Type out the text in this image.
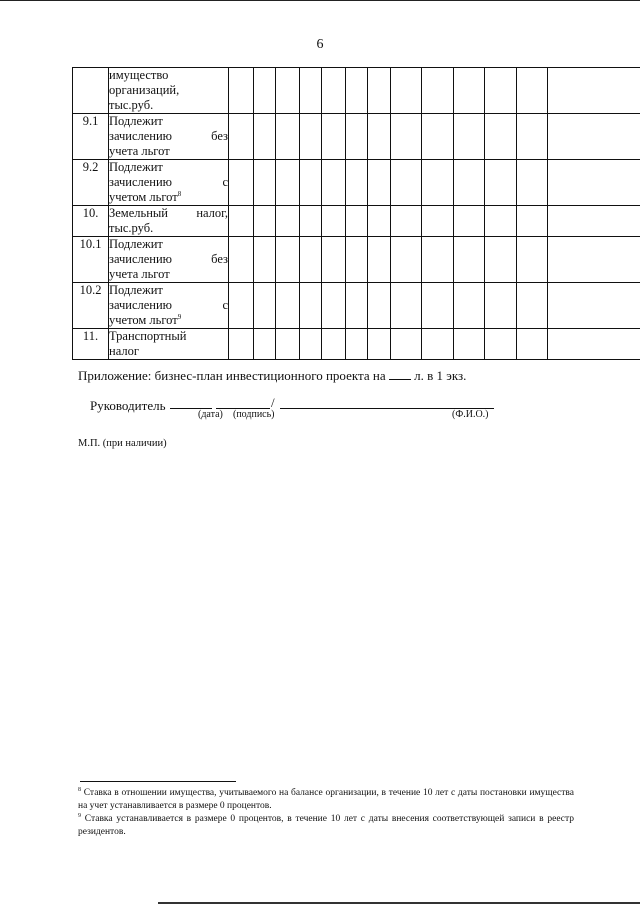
6

	имущество
организаций,
тыс.руб.													

9.1	Подлежит
зачислению без
учета льгот													

9.2	Подлежит
зачислению с
учетом льгот$^8$

10.	Земельный налог,
тыс.руб.													

10.1	Подлежит
зачислению без
учета льгот													

10.2	Подлежит
зачислению с
учетом льгот$^9$

11.	Транспортный
налог													

Приложение: бизнес-план инвестиционного проекта на л. в 1 экз.
Руководитель	/
(дата) (подпись)	(Ф.И.О.)
М.П. (при наличии)
$^8$ Ставка в отношении имущества, учитываемого на балансе организации, в течение 10 лет с даты постановки имущества на учет устанавливается в размере 0 процентов.
$^9$ Ставка устанавливается в размере 0 процентов, в течение 10 лет с даты внесения соответствующей записи в реестр резидентов.
